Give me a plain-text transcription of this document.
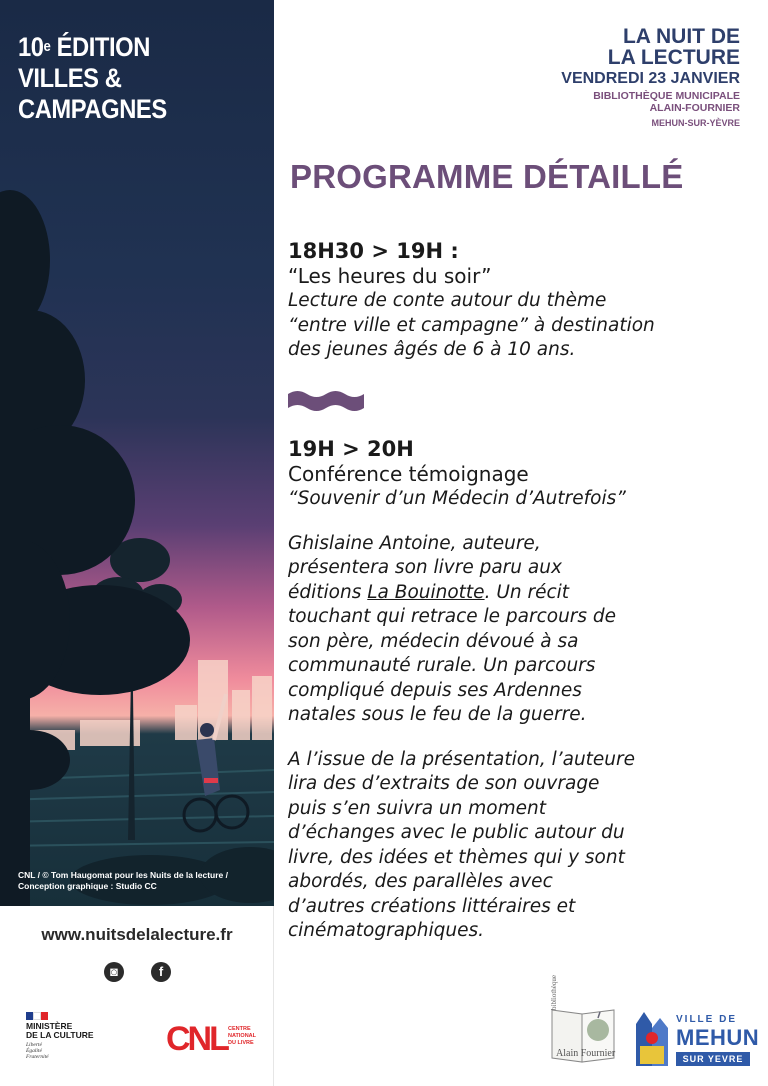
10e ÉDITION
VILLES &
CAMPAGNES
CNL / © Tom Haugomat pour les Nuits de la lecture /
Conception graphique : Studio CC
www.nuitsdelalecture.fr
◙	f
MINISTÈRE
DE LA CULTURE
Liberté
Égalité
Fraternité	CNL CENTRE
NATIONAL
DU LIVRE
LA NUIT DE
LA LECTURE
VENDREDI 23 JANVIER
BIBLIOTHÈQUE MUNICIPALE
ALAIN-FOURNIER
MEHUN-SUR-YÈVRE
PROGRAMME DÉTAILLÉ
18H30 > 19H :
“Les heures du soir”
Lecture de conte autour du thème
“entre ville et campagne” à destination
des jeunes âgés de 6 à 10 ans.
19H > 20H
Conférence témoignage
“Souvenir d’un Médecin d’Autrefois”
Ghislaine Antoine, auteure,
présentera son livre paru aux
éditions La Bouinotte. Un récit
touchant qui retrace le parcours de
son père, médecin dévoué à sa
communauté rurale. Un parcours
compliqué depuis ses Ardennes
natales sous le feu de la guerre.
A l’issue de la présentation, l’auteure
lira des d’extraits de son ouvrage
puis s’en suivra un moment
d’échanges avec le public autour du
livre, des idées et thèmes qui y sont
abordés, des parallèles avec
d’autres créations littéraires et
cinématographiques.
Alain Fournier
bibliothèque
VILLE DE
MEHUN
SUR YEVRE
